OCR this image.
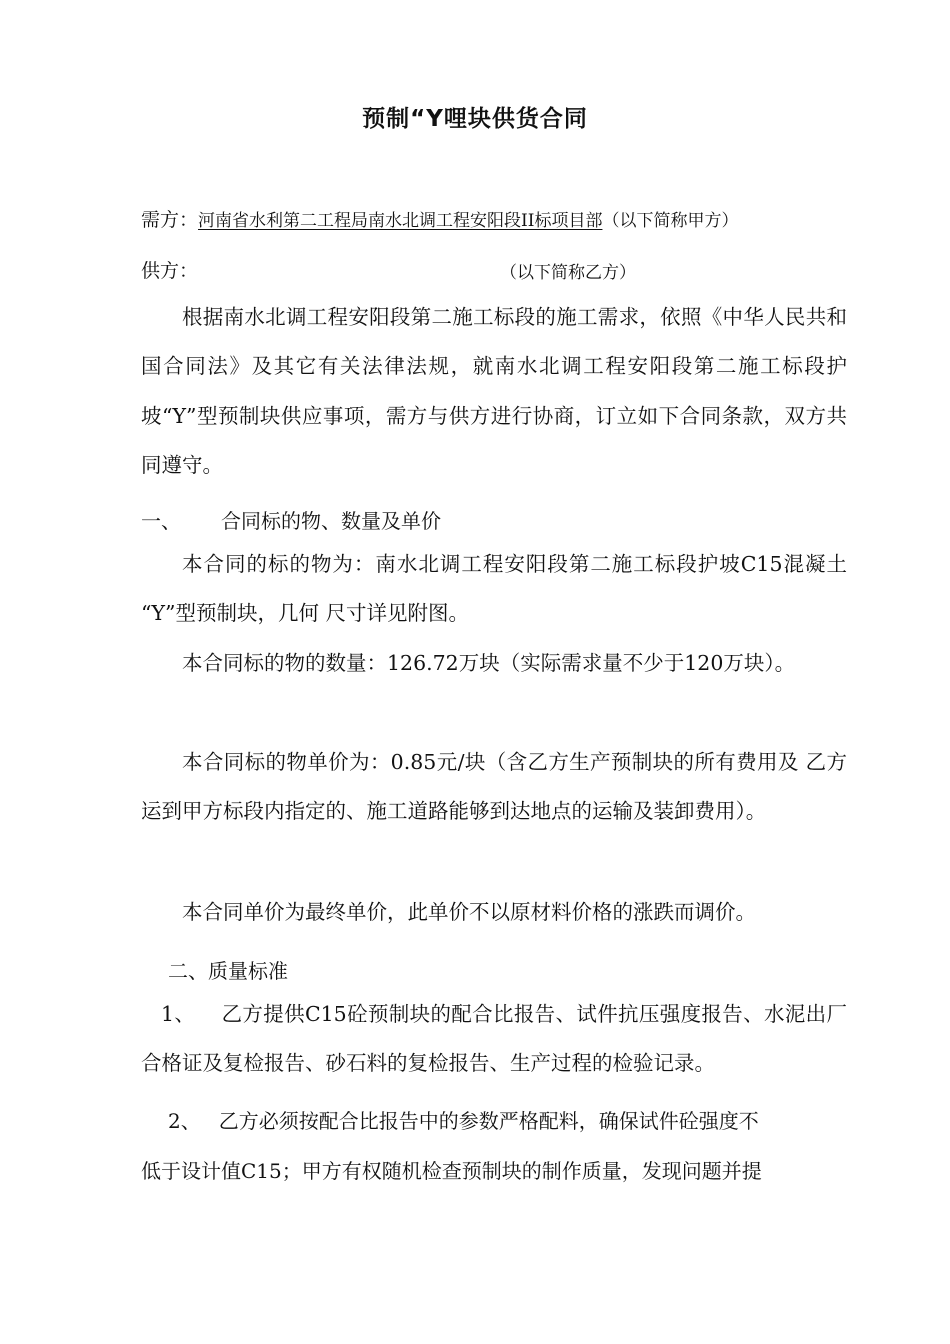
预制“Y哩块供货合同
需方：河南省水利第二工程局南水北调工程安阳段II标项目部（以下简称甲方）
供方：	（以下简称乙方）

根据南水北调工程安阳段第二施工标段的施工需求，依照《中华人民共和国合同法》及其它有关法律法规，就南水北调工程安阳段第二施工标段护坡“Y”型预制块供应事项，需方与供方进行协商，订立如下合同条款，双方共同遵守。

一、 合同标的物、数量及单价

本合同的标的物为：南水北调工程安阳段第二施工标段护坡C15混凝土 “Y”型预制块，几何 尺寸详见附图。

本合同标的物的数量：126.72万块（实际需求量不少于120万块）。

本合同标的物单价为：0.85元/块（含乙方生产预制块的所有费用及 乙方运到甲方标段内指定的、施工道路能够到达地点的运输及装卸费用）。

本合同单价为最终单价，此单价不以原材料价格的涨跌而调价。

二、质量标准
1、 乙方提供C15砼预制块的配合比报告、试件抗压强度报告、水泥出厂合格证及复检报告、砂石料的复检报告、生产过程的检验记录。
2、 乙方必须按配合比报告中的参数严格配料，确保试件砼强度不
低于设计值C15；甲方有权随机检查预制块的制作质量，发现问题并提
